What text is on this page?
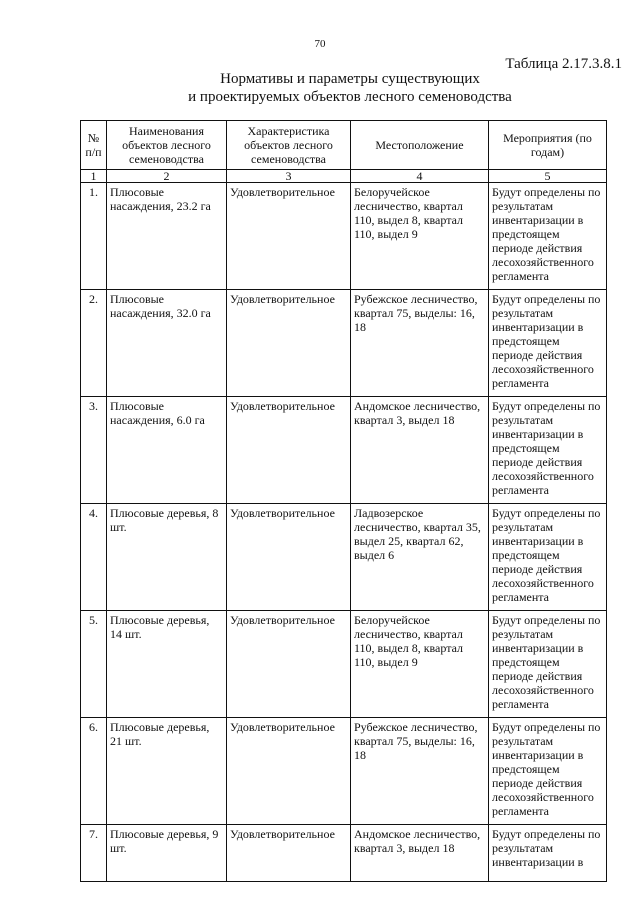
70
Таблица 2.17.3.8.1
Нормативы и параметры существующих
и проектируемых объектов лесного семеноводства
№ п/п	Наименования объектов лесного семеноводства	Характеристика объектов лесного семеноводства	Местоположение	Мероприятия (по годам)
1	2	3	4	5
1.	Плюсовые насаждения, 23.2 га	Удовлетворительное	Белоручейское лесничество, квартал 110, выдел 8, квартал 110, выдел 9	Будут определены по результатам инвентаризации в предстоящем периоде действия лесохозяйственного регламента
2.	Плюсовые насаждения, 32.0 га	Удовлетворительное	Рубежское лесничество, квартал 75, выделы: 16, 18	Будут определены по результатам инвентаризации в предстоящем периоде действия лесохозяйственного регламента
3.	Плюсовые насаждения, 6.0 га	Удовлетворительное	Андомское лесничество, квартал 3, выдел 18	Будут определены по результатам инвентаризации в предстоящем периоде действия лесохозяйственного регламента
4.	Плюсовые деревья, 8 шт.	Удовлетворительное	Ладвозерское лесничество, квартал 35, выдел 25, квартал 62, выдел 6	Будут определены по результатам инвентаризации в предстоящем периоде действия лесохозяйственного регламента
5.	Плюсовые деревья, 14 шт.	Удовлетворительное	Белоручейское лесничество, квартал 110, выдел 8, квартал 110, выдел 9	Будут определены по результатам инвентаризации в предстоящем периоде действия лесохозяйственного регламента
6.	Плюсовые деревья, 21 шт.	Удовлетворительное	Рубежское лесничество, квартал 75, выделы: 16, 18	Будут определены по результатам инвентаризации в предстоящем периоде действия лесохозяйственного регламента
7.	Плюсовые деревья, 9 шт.	Удовлетворительное	Андомское лесничество, квартал 3, выдел 18	Будут определены по результатам инвентаризации в
